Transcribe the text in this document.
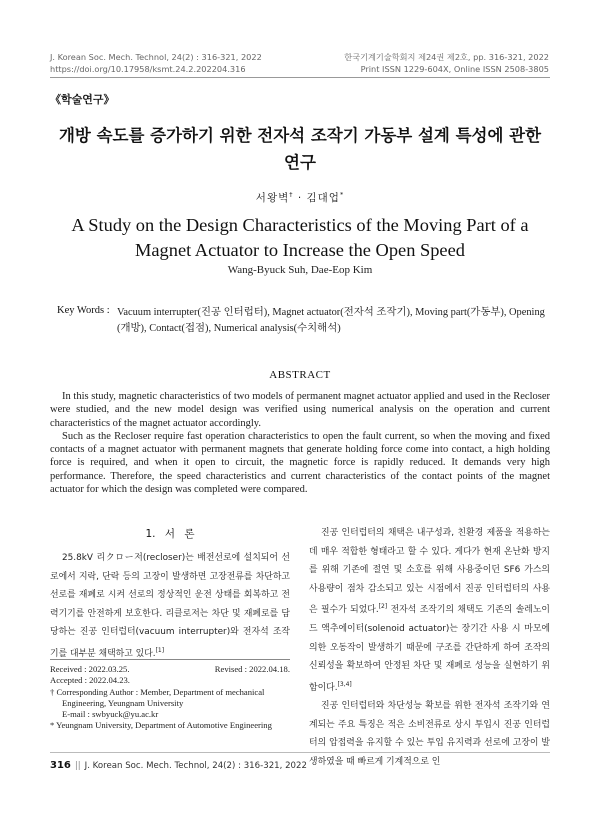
J. Korean Soc. Mech. Technol, 24(2) : 316-321, 2022
https://doi.org/10.17958/ksmt.24.2.202204.316
한국기계기술학회지 제24권 제2호, pp. 316-321, 2022
Print ISSN 1229-604X, Online ISSN 2508-3805
《학술연구》
개방 속도를 증가하기 위한 전자석 조작기 가동부 설계 특성에 관한 연구
서왕벽† · 김대업*
A Study on the Design Characteristics of the Moving Part of a Magnet Actuator to Increase the Open Speed
Wang-Byuck Suh, Dae-Eop Kim
Key Words : Vacuum interrupter(진공 인터럽터), Magnet actuator(전자석 조작기), Moving part(가동부), Opening (개방), Contact(접점), Numerical analysis(수치해석)
ABSTRACT

In this study, magnetic characteristics of two models of permanent magnet actuator applied and used in the Recloser were studied, and the new model design was verified using numerical analysis on the operation and current characteristics of the magnet actuator accordingly.

Such as the Recloser require fast operation characteristics to open the fault current, so when the moving and fixed contacts of a magnet actuator with permanent magnets that generate holding force come into contact, a high holding force is required, and when it open to circuit, the magnetic force is rapidly reduced. It demands very high performance. Therefore, the speed characteristics and current characteristics of the contact points of the magnet actuator for which the design was completed were compared.

1. 서 론

25.8kV 리クロー저(recloser)는 배전선로에 설치되어 선로에서 지락, 단락 등의 고장이 발생하면 고장전류를 차단하고 선로를 재폐로 시켜 선로의 정상적인 운전 상태를 회복하고 전력기기를 안전하게 보호한다. 리클로저는 차단 및 재폐로를 담당하는 진공 인터럽터(vacuum interrupter)와 전자석 조작기를 대부분 채택하고 있다.[1]

Received : 2022.03.25.	Revised : 2022.04.18.
Accepted : 2022.04.23.
† Corresponding Author : Member, Department of mechanical Engineering, Yeungnam University
E-mail : swbyuck@yu.ac.kr
* Yeungnam University, Department of Automotive Engineering

진공 인터럽터의 채택은 내구성과, 친환경 제품을 적용하는데 매우 적합한 형태라고 할 수 있다. 게다가 현재 온난화 방지를 위해 기존에 절연 및 소호를 위해 사용중이던 SF6 가스의 사용량이 점차 감소되고 있는 시점에서 진공 인터럽터의 사용은 필수가 되었다.[2] 전자석 조작기의 채택도 기존의 솔레노이드 액추에이터(solenoid actuator)는 장기간 사용 시 마모에 의한 오동작이 발생하기 때문에 구조를 간단하게 하여 조작의 신뢰성을 확보하여 안정된 차단 및 재폐로 성능을 실현하기 위함이다.[3,4]

진공 인터럽터와 차단성능 확보를 위한 전자석 조작기와 연계되는 주요 특징은 적은 소비전류로 상시 투입시 진공 인터럽터의 압접력을 유지할 수 있는 투입 유지력과 선로에 고장이 발생하였을 때 빠르게 기계적으로 인

316 || J. Korean Soc. Mech. Technol, 24(2) : 316-321, 2022
